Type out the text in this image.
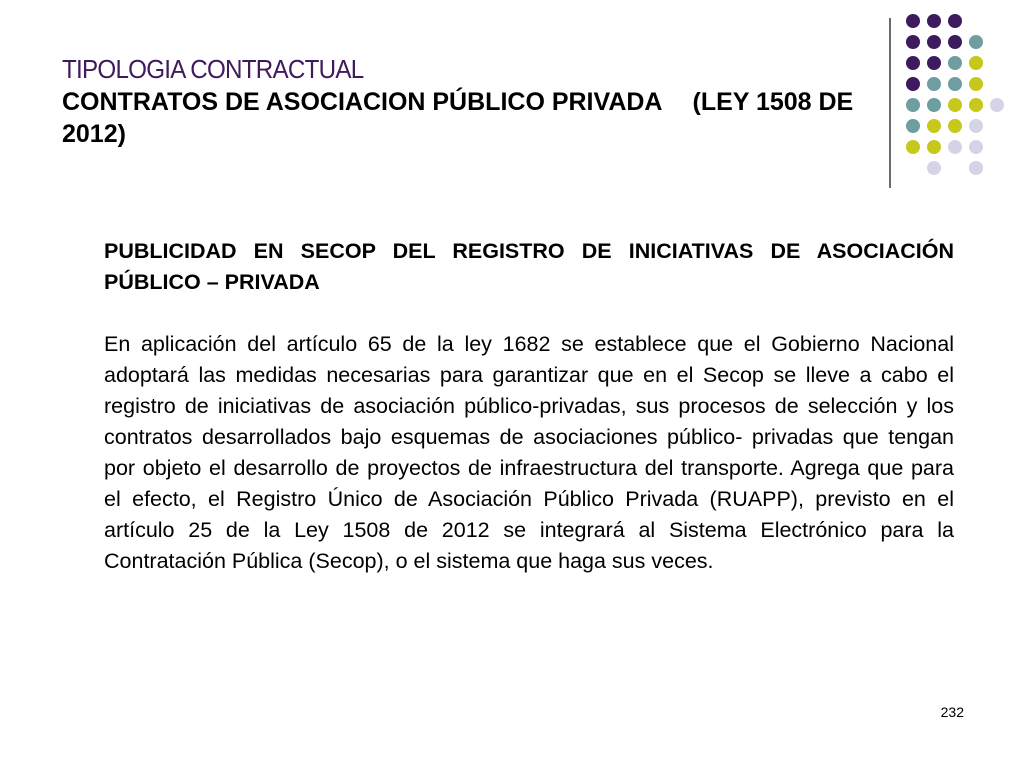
TIPOLOGIA CONTRACTUAL
CONTRATOS DE ASOCIACION PÚBLICO PRIVADA (LEY 1508 DE 2012)

PUBLICIDAD EN SECOP DEL REGISTRO DE INICIATIVAS DE ASOCIACIÓN PÚBLICO – PRIVADA

En aplicación del artículo 65 de la ley 1682 se establece que el Gobierno Nacional adoptará las medidas necesarias para garantizar que en el Secop se lleve a cabo el registro de iniciativas de asociación público-privadas, sus procesos de selección y los contratos desarrollados bajo esquemas de asociaciones público- privadas que tengan por objeto el desarrollo de proyectos de infraestructura del transporte. Agrega que para el efecto, el Registro Único de Asociación Público Privada (RUAPP), previsto en el artículo 25 de la Ley 1508 de 2012 se integrará al Sistema Electrónico para la Contratación Pública (Secop), o el sistema que haga sus veces.

232
